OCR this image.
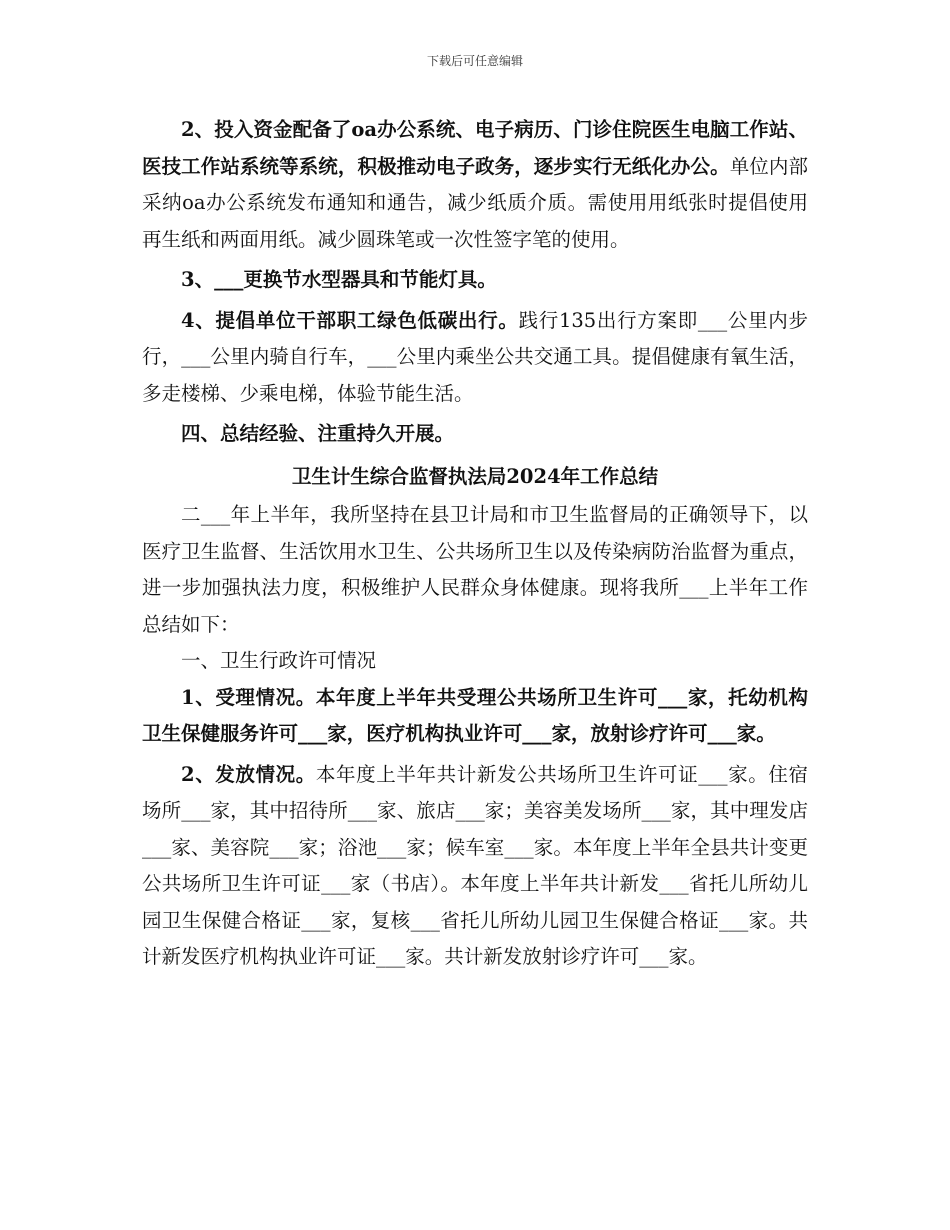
下载后可任意编辑

2、投入资金配备了oa办公系统、电子病历、门诊住院医生电脑工作站、医技工作站系统等系统，积极推动电子政务，逐步实行无纸化办公。单位内部采纳oa办公系统发布通知和通告，减少纸质介质。需使用用纸张时提倡使用再生纸和两面用纸。减少圆珠笔或一次性签字笔的使用。

3、___更换节水型器具和节能灯具。

4、提倡单位干部职工绿色低碳出行。践行135出行方案即___公里内步行，___公里内骑自行车，___公里内乘坐公共交通工具。提倡健康有氧生活，多走楼梯、少乘电梯，体验节能生活。

四、总结经验、注重持久开展。

卫生计生综合监督执法局2024年工作总结

二___年上半年，我所坚持在县卫计局和市卫生监督局的正确领导下，以医疗卫生监督、生活饮用水卫生、公共场所卫生以及传染病防治监督为重点，进一步加强执法力度，积极维护人民群众身体健康。现将我所___上半年工作总结如下：

一、卫生行政许可情况

1、受理情况。本年度上半年共受理公共场所卫生许可___家，托幼机构卫生保健服务许可___家，医疗机构执业许可___家，放射诊疗许可___家。

2、发放情况。本年度上半年共计新发公共场所卫生许可证___家。住宿场所___家，其中招待所___家、旅店___家；美容美发场所___家，其中理发店___家、美容院___家；浴池___家；候车室___家。本年度上半年全县共计变更公共场所卫生许可证___家（书店）。本年度上半年共计新发___省托儿所幼儿园卫生保健合格证___家，复核___省托儿所幼儿园卫生保健合格证___家。共计新发医疗机构执业许可证___家。共计新发放射诊疗许可___家。
